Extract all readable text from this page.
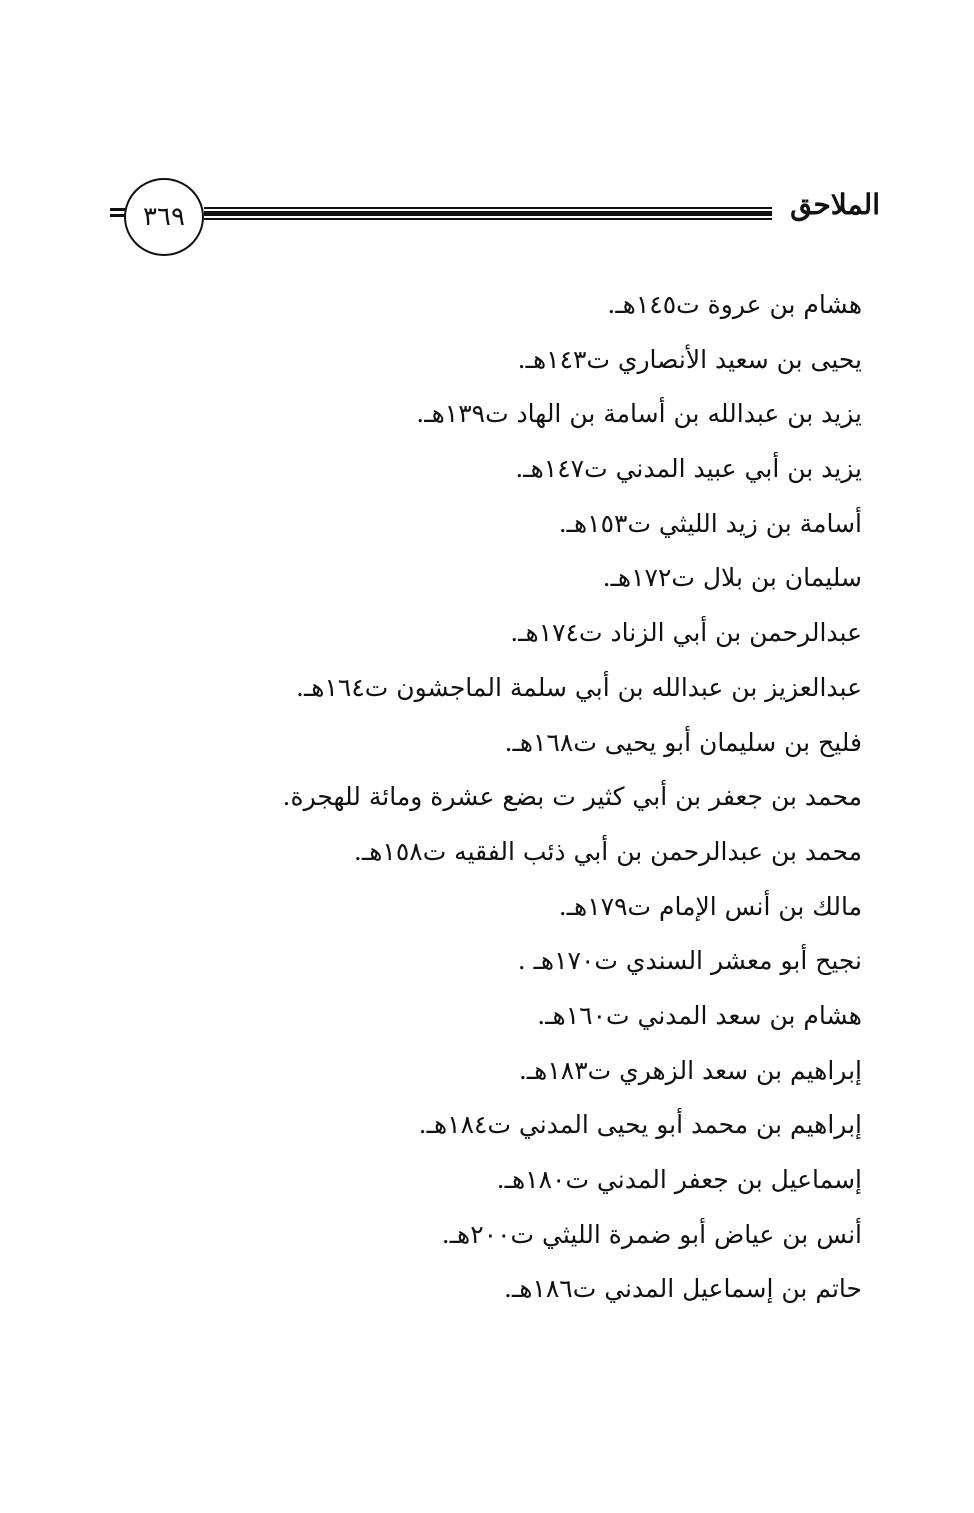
٣٦٩	الملاحق
هشام بن عروة ت١٤٥هـ.
يحيى بن سعيد الأنصاري ت١٤٣هـ.
يزيد بن عبدالله بن أسامة بن الهاد ت١٣٩هـ.
يزيد بن أبي عبيد المدني ت١٤٧هـ.
أسامة بن زيد الليثي ت١٥٣هـ.
سليمان بن بلال ت١٧٢هـ.
عبدالرحمن بن أبي الزناد ت١٧٤هـ.
عبدالعزيز بن عبدالله بن أبي سلمة الماجشون ت١٦٤هـ.
فليح بن سليمان أبو يحيى ت١٦٨هـ.
محمد بن جعفر بن أبي كثير ت بضع عشرة ومائة للهجرة.
محمد بن عبدالرحمن بن أبي ذئب الفقيه ت١٥٨هـ.
مالك بن أنس الإمام ت١٧٩هـ.
نجيح أبو معشر السندي ت١٧٠هـ .
هشام بن سعد المدني ت١٦٠هـ.
إبراهيم بن سعد الزهري ت١٨٣هـ.
إبراهيم بن محمد أبو يحيى المدني ت١٨٤هـ.
إسماعيل بن جعفر المدني ت١٨٠هـ.
أنس بن عياض أبو ضمرة الليثي ت٢٠٠هـ.
حاتم بن إسماعيل المدني ت١٨٦هـ.
